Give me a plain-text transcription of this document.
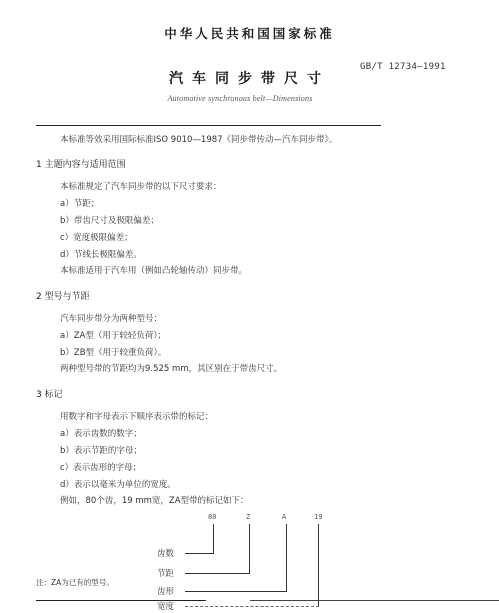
中华人民共和国国家标准
汽车同步带尺寸
GB/T 12734—1991
Automotive synchronous belt—Dimensions
本标准等效采用国际标准ISO 9010—1987《同步带传动—汽车同步带》。
1 主题内容与适用范围
本标准规定了汽车同步带的以下尺寸要求：
a）节距；
b）带齿尺寸及极限偏差；
c）宽度极限偏差；
d）节线长极限偏差。
本标准适用于汽车用（例如凸轮轴传动）同步带。
2 型号与节距
汽车同步带分为两种型号：
a）ZA型（用于较轻负荷）；
b）ZB型（用于较重负荷）。
两种型号带的节距均为9.525 mm，其区别在于带齿尺寸。
3 标记
用数字和字母表示下顺序表示带的标记：
a）表示齿数的数字；
b）表示节距的字母；
c）表示齿形的字母；
d）表示以毫米为单位的宽度。
例如，80个齿，19 mm宽，ZA型带的标记如下：
80	Z	A	19
齿数
节距
齿形
宽度
注：ZA为已有的型号。
